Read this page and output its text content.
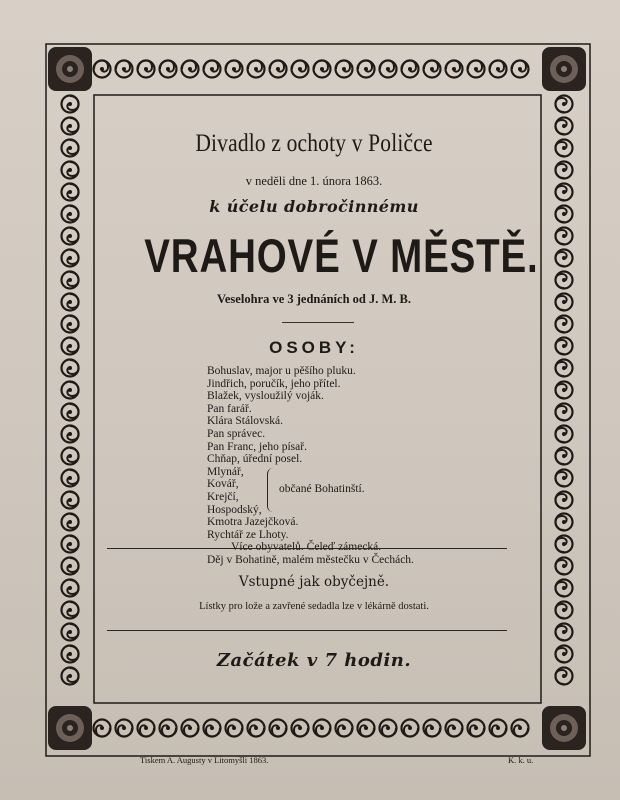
Divadlo z ochoty v Poličce
v neděli dne 1. února 1863.
k účelu dobročinnému
VRAHOVÉ V MĚSTĚ.
Veselohra ve 3 jednáních od J. M. B.
OSOBY:
Bohuslav, major u pěšího pluku.
Jindřich, poručík, jeho přítel.
Blažek, vysloužilý voják.
Pan farář.
Klára Stálovská.
Pan správec.
Pan Franc, jeho písař.
Chňap, úřední posel.
Mlynář,
Kovář,
Krejčí,
Hospodský,
občané Bohatinští.
Kmotra Jazejčková.
Rychtář ze Lhoty.
Děj v Bohatině, malém městečku v Čechách.
Vstupné jak obyčejně.
Lístky pro lože a zavřené sedadla lze v lékárně dostati.
Začátek v 7 hodin.
Tiskem A. Augusty v Litomyšli 1863.	K. k. u.
